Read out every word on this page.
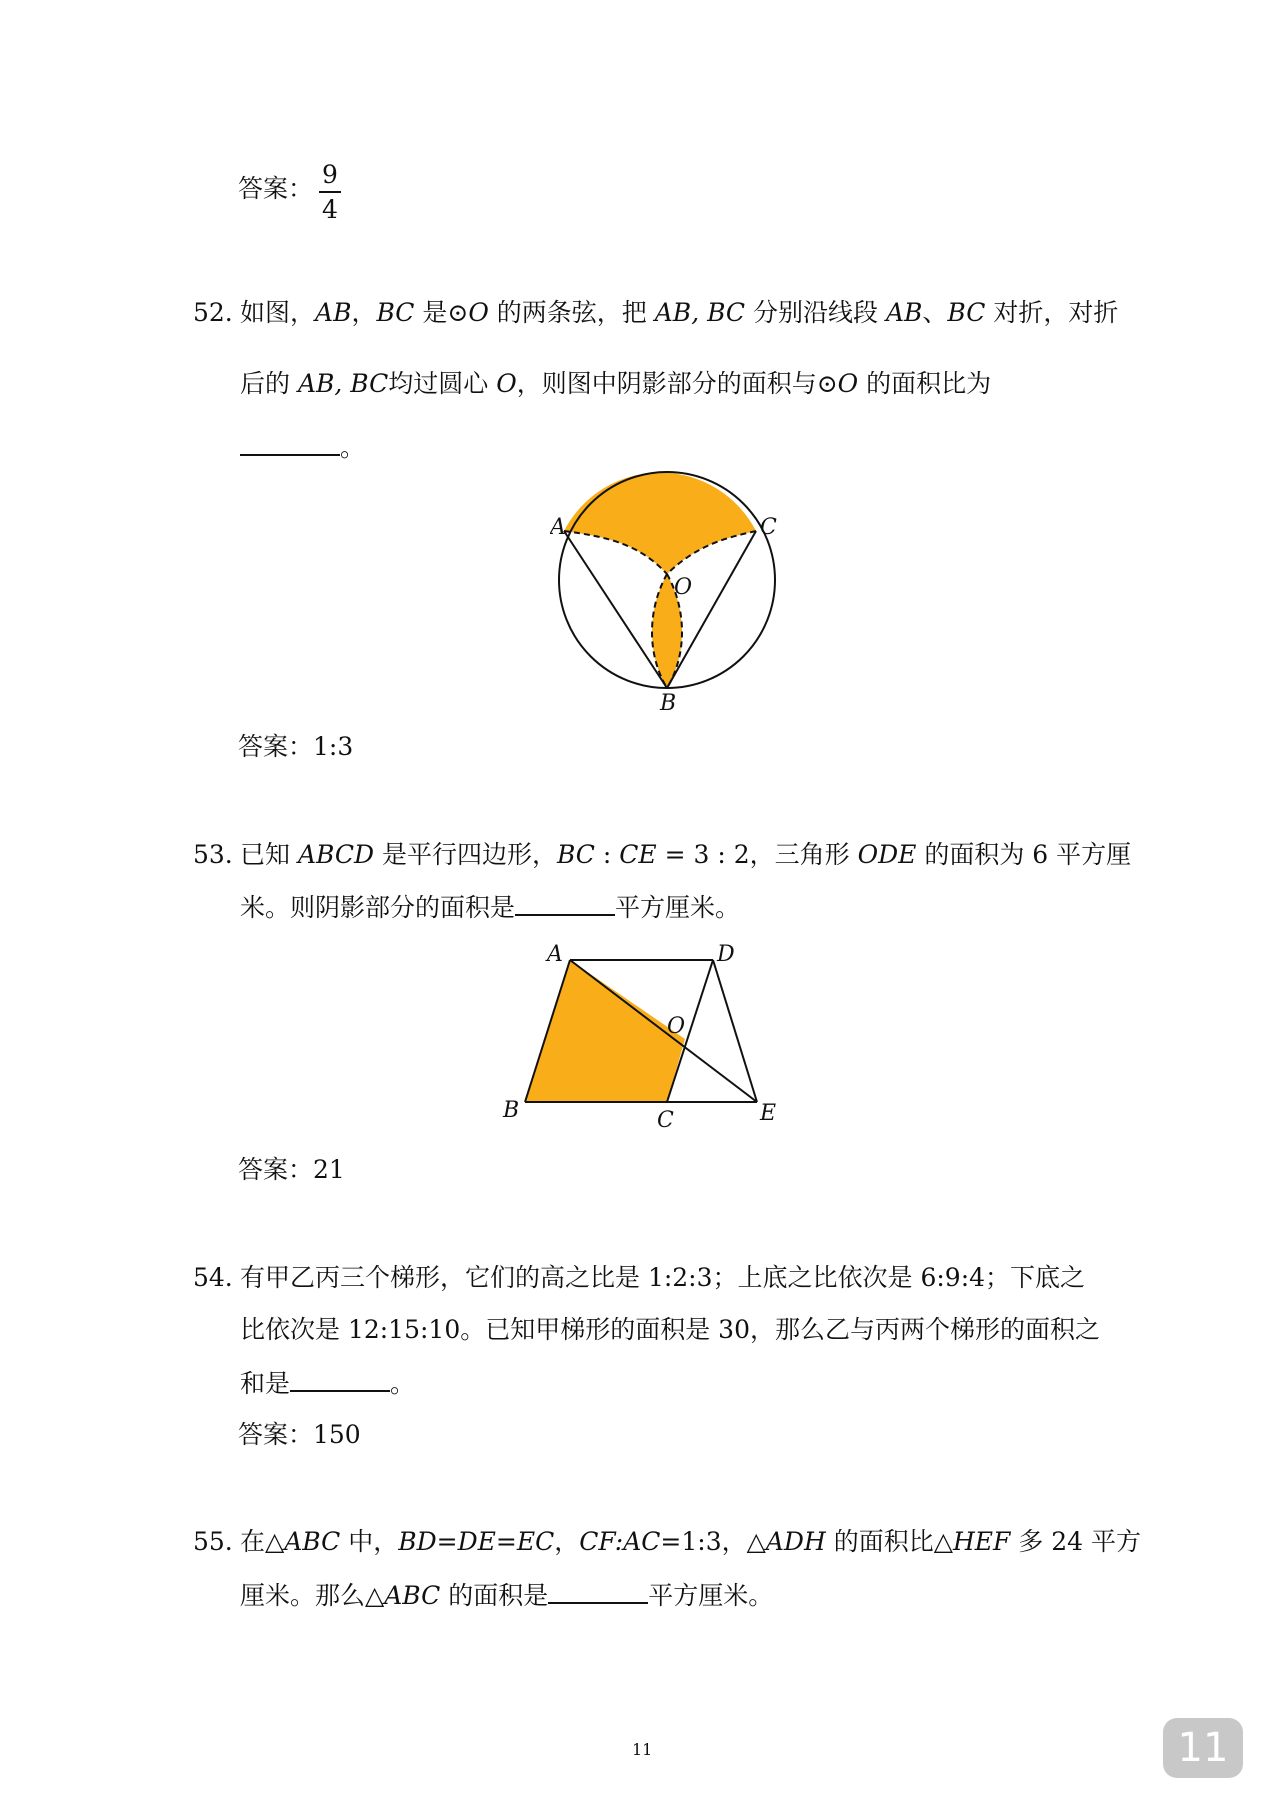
答案： 9
4
52. 如图，AB，BC 是⊙O 的两条弦，把 AB, BC 分别沿线段 AB、BC 对折，对折
后的 AB, BC均过圆心 O，则图中阴影部分的面积与⊙O 的面积比为
。
A	C
O
B
答案：1:3
53. 已知 ABCD 是平行四边形，BC : CE = 3 : 2，三角形 ODE 的面积为 6 平方厘
米。则阴影部分的面积是	平方厘米。
A	D
O
B	C	E
答案：21
54. 有甲乙丙三个梯形，它们的高之比是 1:2:3；上底之比依次是 6:9:4；下底之
比依次是 12:15:10。已知甲梯形的面积是 30，那么乙与丙两个梯形的面积之
和是	。
答案：150
55. 在△ABC 中，BD=DE=EC，CF:AC=1:3，△ADH 的面积比△HEF 多 24 平方
厘米。那么△ABC 的面积是	平方厘米。
11	11
